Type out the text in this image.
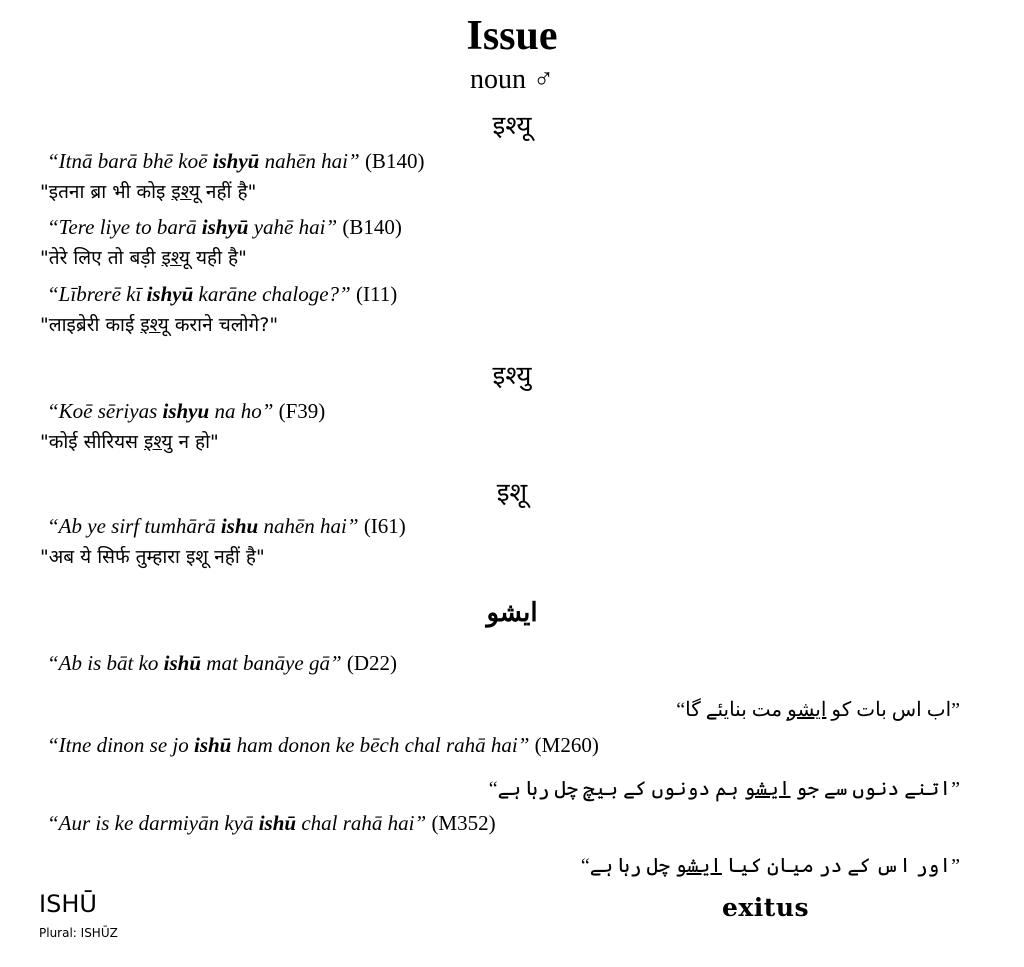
Issue
noun ♂
इश्यू
“Itnā barā bhē koē ishyū nahēn hai” (B140)
"इतना ब्रा भी कोइ इश्यू नहीं है"
“Tere liye to barā ishyū yahē hai” (B140)
"तेरे लिए तो बड़ी इश्यू यही है"
“Lībrerē kī ishyū karāne chaloge?” (I11)
"लाइब्रेरी काई इश्यू कराने चलोगे?"
इश्यु
“Koē sēriyas ishyu na ho” (F39)
"कोई सीरियस इश्यु न हो"
इशू
“Ab ye sirf tumhārā ishu nahēn hai” (I61)
"अब ये सिर्फ तुम्हारा इशू नहीं है"
ایشو
“Ab is bāt ko ishū mat banāye gā” (D22)
”اب اس بات کو ایشو مت بنایئے گا“
“Itne dinon se jo ishū ham donon ke bēch chal rahā hai” (M260)
”اتنے دنوں سے جو ایشو ہم دونوں کے بیچ چل رہا ہے“
“Aur is ke darmiyān kyā ishū chal rahā hai” (M352)
”اور اس کے در میان کیا ایشو چل رہا ہے“
ISHŪ
Plural: ISHŪZ
exitus
